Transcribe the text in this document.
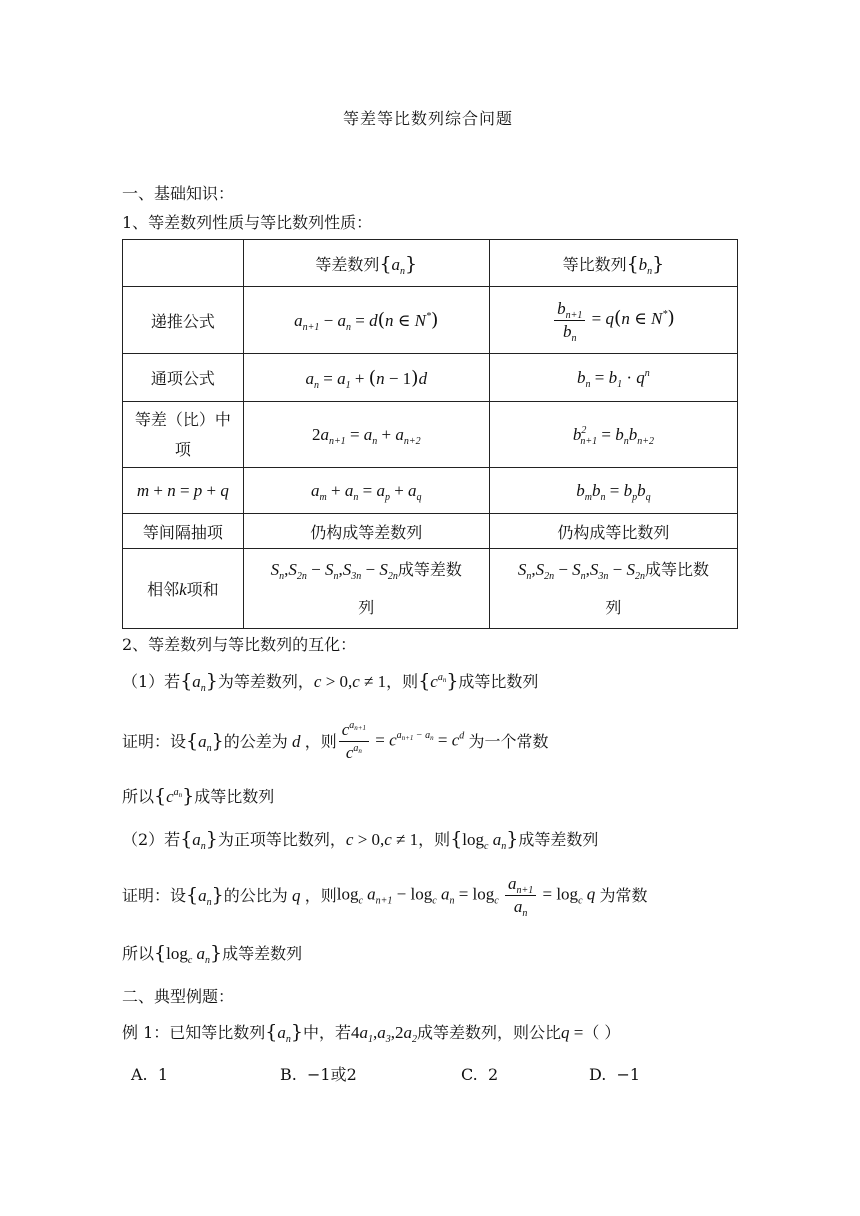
等差等比数列综合问题
一、基础知识：
1、等差数列性质与等比数列性质：
	等差数列$\{a_n\}$	等比数列$\{b_n\}$
递推公式	$a_{n+1} - a_n = d(n$ ∈ N*)	$\frac{b_{n+1}}{b_n} = q(n$ ∈ N*)
通项公式	$a_n = a_1 + (n - 1)d$	$b_n = b_1 \cdot q^n$
等差（比）中
项	$2a_{n+1} = a_n + a_{n+2}$	$b^2_{n+1} = b_nb_{n+2}$
m + n = p + q	$a_m + a_n = a_p + a_q$	$b_mb_n = b_pb_q$
等间隔抽项	仍构成等差数列	仍构成等比数列
相邻k项和	$S_n,S_{2n} - S_n,S_{3n} - S_{2n}$成等差数
列	$S_n,S_{2n} - S_n,S_{3n} - S_{2n}$成等比数
列
2、等差数列与等比数列的互化：
（1）若$\{a_n\}$为等差数列，c > 0,c ≠ 1，则$\{c^{a_n}\}$成等比数列
证明：设 $\{a_n\}$ 的公差为 d ，则 $\frac{c^{a_{n+1}}}{c^{a_n}} = c^{a_{n+1} - a_n} = c^d$ 为一个常数
所以$\{c^{a_n}\}$成等比数列
（2）若$\{a_n\}$为正项等比数列，c > 0,c ≠ 1，则{$\log_c$ $a_n$}成等差数列
证明：设 $\{a_n\}$ 的公比为 q ，则 $\log_c a_{n+1} - \log_c a_n = \log_c \frac{a_{n+1}}{a_n} = \log_c q$ 为常数
所以{$\log_c$ $a_n$}成等差数列
二、典型例题：
例 1：已知等比数列$\{a_n\}$中，若$4a_1,a_3,2a_2$成等差数列，则公比q =（ ）
A. 1	B. −1或2	C. 2	D. −1
